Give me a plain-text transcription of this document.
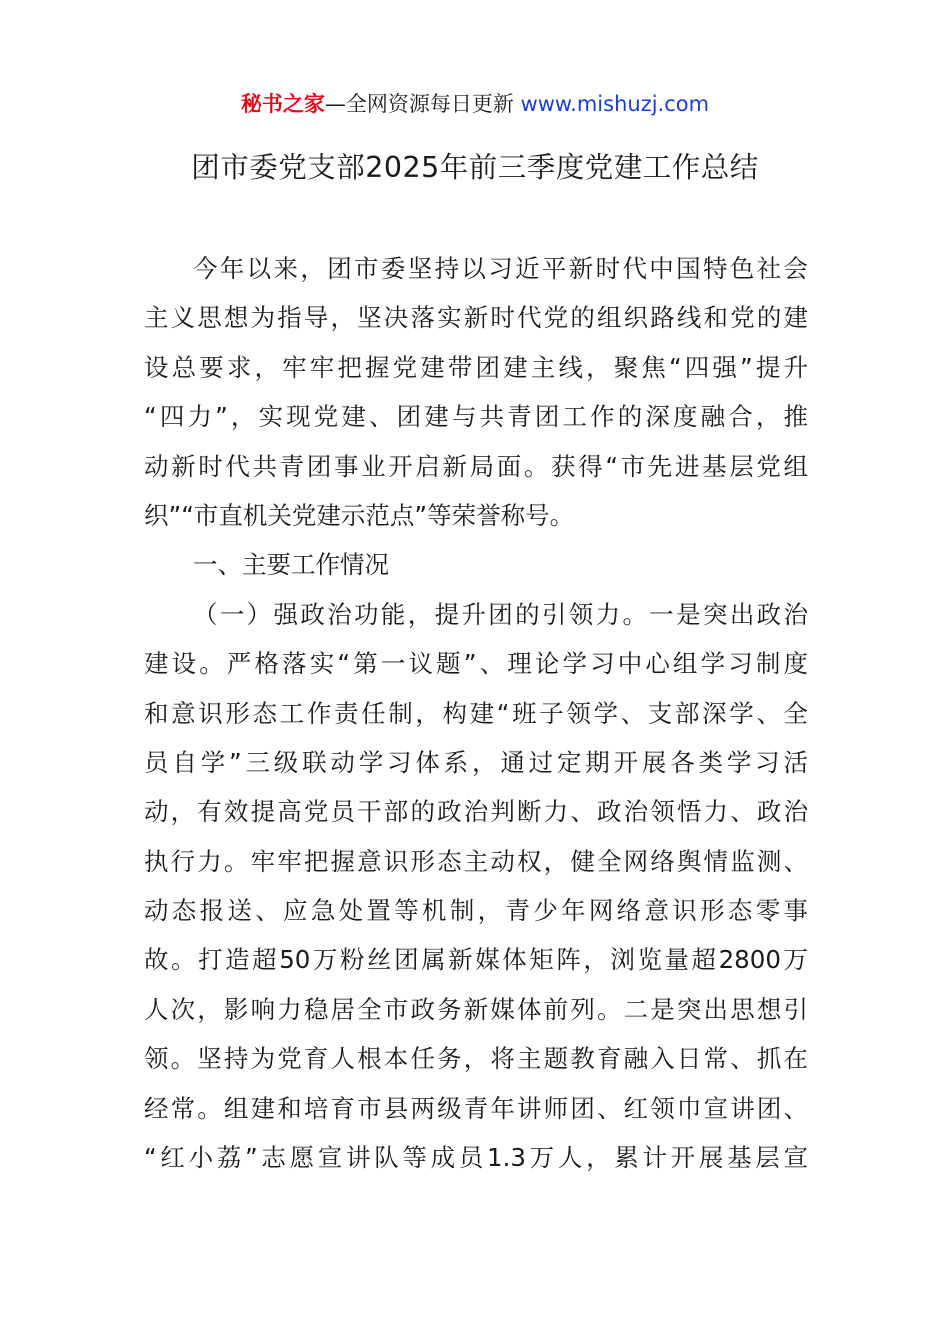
秘书之家—全网资源每日更新 www.mishuzj.com
团市委党支部2025年前三季度党建工作总结
今年以来，团市委坚持以习近平新时代中国特色社会
主义思想为指导，坚决落实新时代党的组织路线和党的建
设总要求，牢牢把握党建带团建主线，聚焦“四强”提升
“四力”，实现党建、团建与共青团工作的深度融合，推
动新时代共青团事业开启新局面。获得“市先进基层党组
织”“市直机关党建示范点”等荣誉称号。
一、主要工作情况
（一）强政治功能，提升团的引领力。一是突出政治
建设。严格落实“第一议题”、理论学习中心组学习制度
和意识形态工作责任制，构建“班子领学、支部深学、全
员自学”三级联动学习体系，通过定期开展各类学习活
动，有效提高党员干部的政治判断力、政治领悟力、政治
执行力。牢牢把握意识形态主动权，健全网络舆情监测、
动态报送、应急处置等机制，青少年网络意识形态零事
故。打造超50万粉丝团属新媒体矩阵，浏览量超2800万
人次，影响力稳居全市政务新媒体前列。二是突出思想引
领。坚持为党育人根本任务，将主题教育融入日常、抓在
经常。组建和培育市县两级青年讲师团、红领巾宣讲团、
“红小荔”志愿宣讲队等成员1.3万人，累计开展基层宣
